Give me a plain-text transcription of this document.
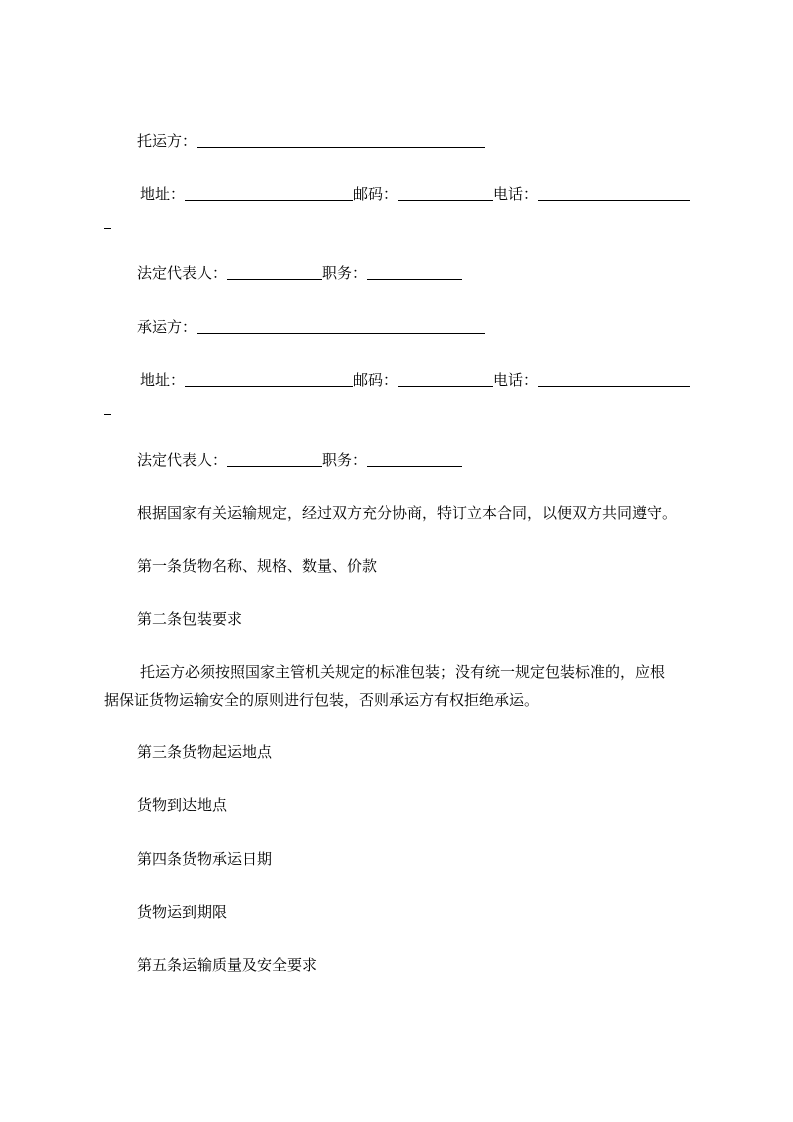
托运方：
地址：	邮码：	电话：
法定代表人：	职务：
承运方：
地址：	邮码：	电话：
法定代表人：	职务：
根据国家有关运输规定，经过双方充分协商，特订立本合同，以便双方共同遵守。
第一条货物名称、规格、数量、价款
第二条包装要求
托运方必须按照国家主管机关规定的标准包装；没有统一规定包装标准的，应根
据保证货物运输安全的原则进行包装，否则承运方有权拒绝承运。
第三条货物起运地点
货物到达地点
第四条货物承运日期
货物运到期限
第五条运输质量及安全要求
